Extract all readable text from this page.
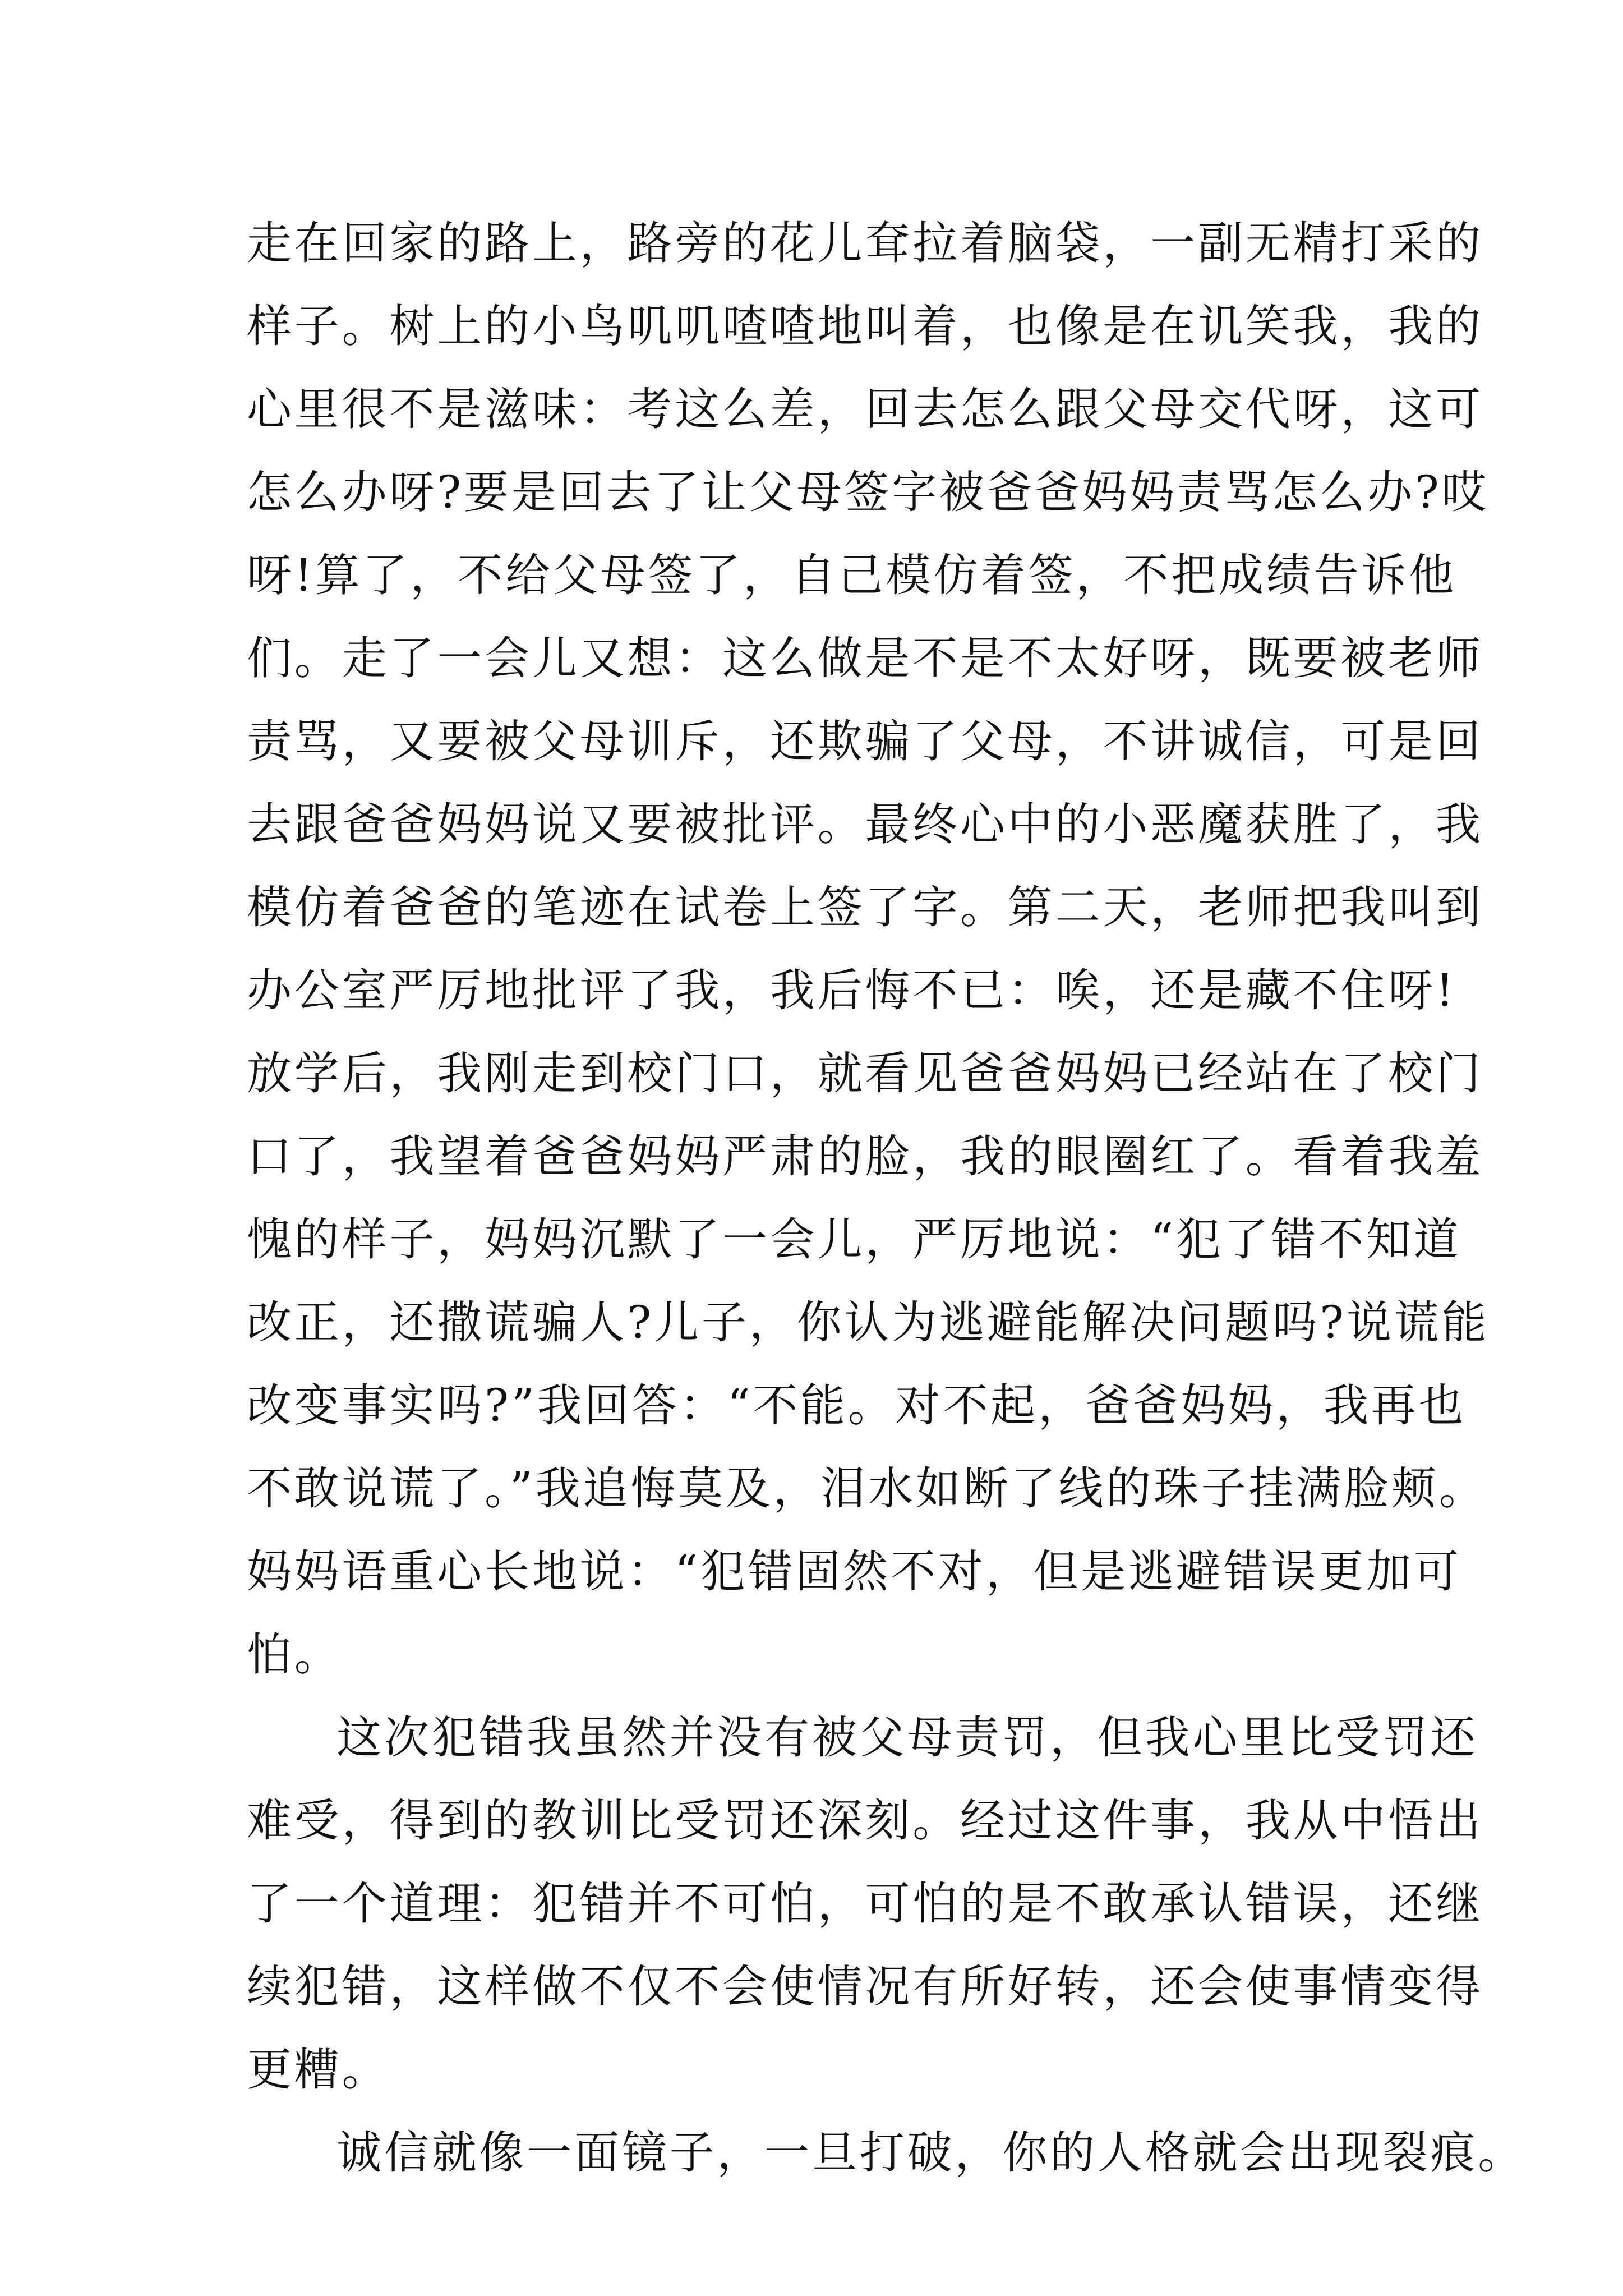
走在回家的路上，路旁的花儿耷拉着脑袋，一副无精打采的
样子。树上的小鸟叽叽喳喳地叫着，也像是在讥笑我，我的
心里很不是滋味：考这么差，回去怎么跟父母交代呀，这可
怎么办呀?要是回去了让父母签字被爸爸妈妈责骂怎么办?哎
呀!算了，不给父母签了，自己模仿着签，不把成绩告诉他
们。走了一会儿又想：这么做是不是不太好呀，既要被老师
责骂，又要被父母训斥，还欺骗了父母，不讲诚信，可是回
去跟爸爸妈妈说又要被批评。最终心中的小恶魔获胜了，我
模仿着爸爸的笔迹在试卷上签了字。第二天，老师把我叫到
办公室严厉地批评了我，我后悔不已：唉，还是藏不住呀!
放学后，我刚走到校门口，就看见爸爸妈妈已经站在了校门
口了，我望着爸爸妈妈严肃的脸，我的眼圈红了。看着我羞
愧的样子，妈妈沉默了一会儿，严厉地说：“犯了错不知道
改正，还撒谎骗人?儿子，你认为逃避能解决问题吗?说谎能
改变事实吗?”我回答：“不能。对不起，爸爸妈妈，我再也
不敢说谎了。”我追悔莫及，泪水如断了线的珠子挂满脸颊。
妈妈语重心长地说：“犯错固然不对，但是逃避错误更加可
怕。
这次犯错我虽然并没有被父母责罚，但我心里比受罚还
难受，得到的教训比受罚还深刻。经过这件事，我从中悟出
了一个道理：犯错并不可怕，可怕的是不敢承认错误，还继
续犯错，这样做不仅不会使情况有所好转，还会使事情变得
更糟。
诚信就像一面镜子，一旦打破，你的人格就会出现裂痕。
